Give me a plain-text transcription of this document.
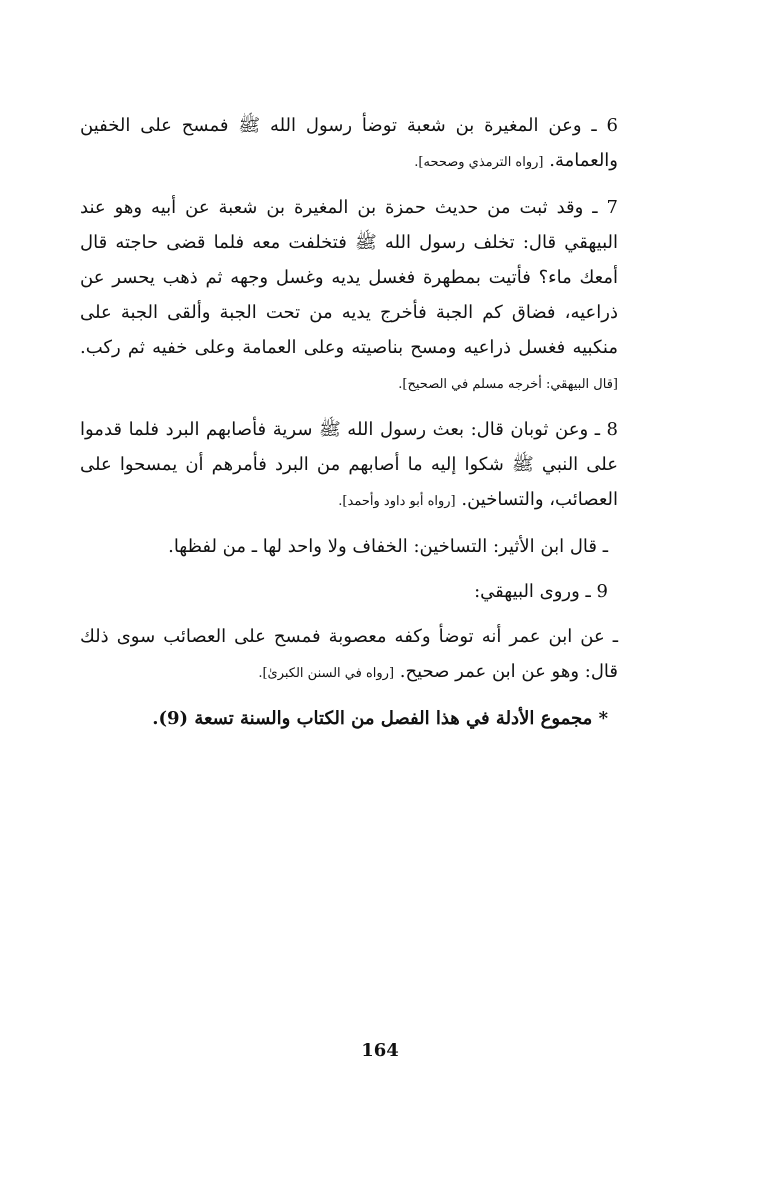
6 ـ وعن المغيرة بن شعبة توضأ رسول الله ﷺ فمسح على الخفين والعمامة. [رواه الترمذي وصححه].

7 ـ وقد ثبت من حديث حمزة بن المغيرة بن شعبة عن أبيه وهو عند البيهقي قال: تخلف رسول الله ﷺ فتخلفت معه فلما قضى حاجته قال أمعك ماء؟ فأتيت بمطهرة فغسل يديه وغسل وجهه ثم ذهب يحسر عن ذراعيه، فضاق كم الجبة فأخرج يديه من تحت الجبة وألقى الجبة على منكبيه فغسل ذراعيه ومسح بناصيته وعلى العمامة وعلى خفيه ثم ركب. [قال البيهقي: أخرجه مسلم في الصحيح].

8 ـ وعن ثوبان قال: بعث رسول الله ﷺ سرية فأصابهم البرد فلما قدموا على النبي ﷺ شكوا إليه ما أصابهم من البرد فأمرهم أن يمسحوا على العصائب، والتساخين. [رواه أبو داود وأحمد].

ـ قال ابن الأثير: التساخين: الخفاف ولا واحد لها ـ من لفظها.

9 ـ وروى البيهقي:

ـ عن ابن عمر أنه توضأ وكفه معصوبة فمسح على العصائب سوى ذلك قال: وهو عن ابن عمر صحيح. [رواه في السنن الكبرىٰ].

* مجموع الأدلة في هذا الفصل من الكتاب والسنة تسعة (9).

164
